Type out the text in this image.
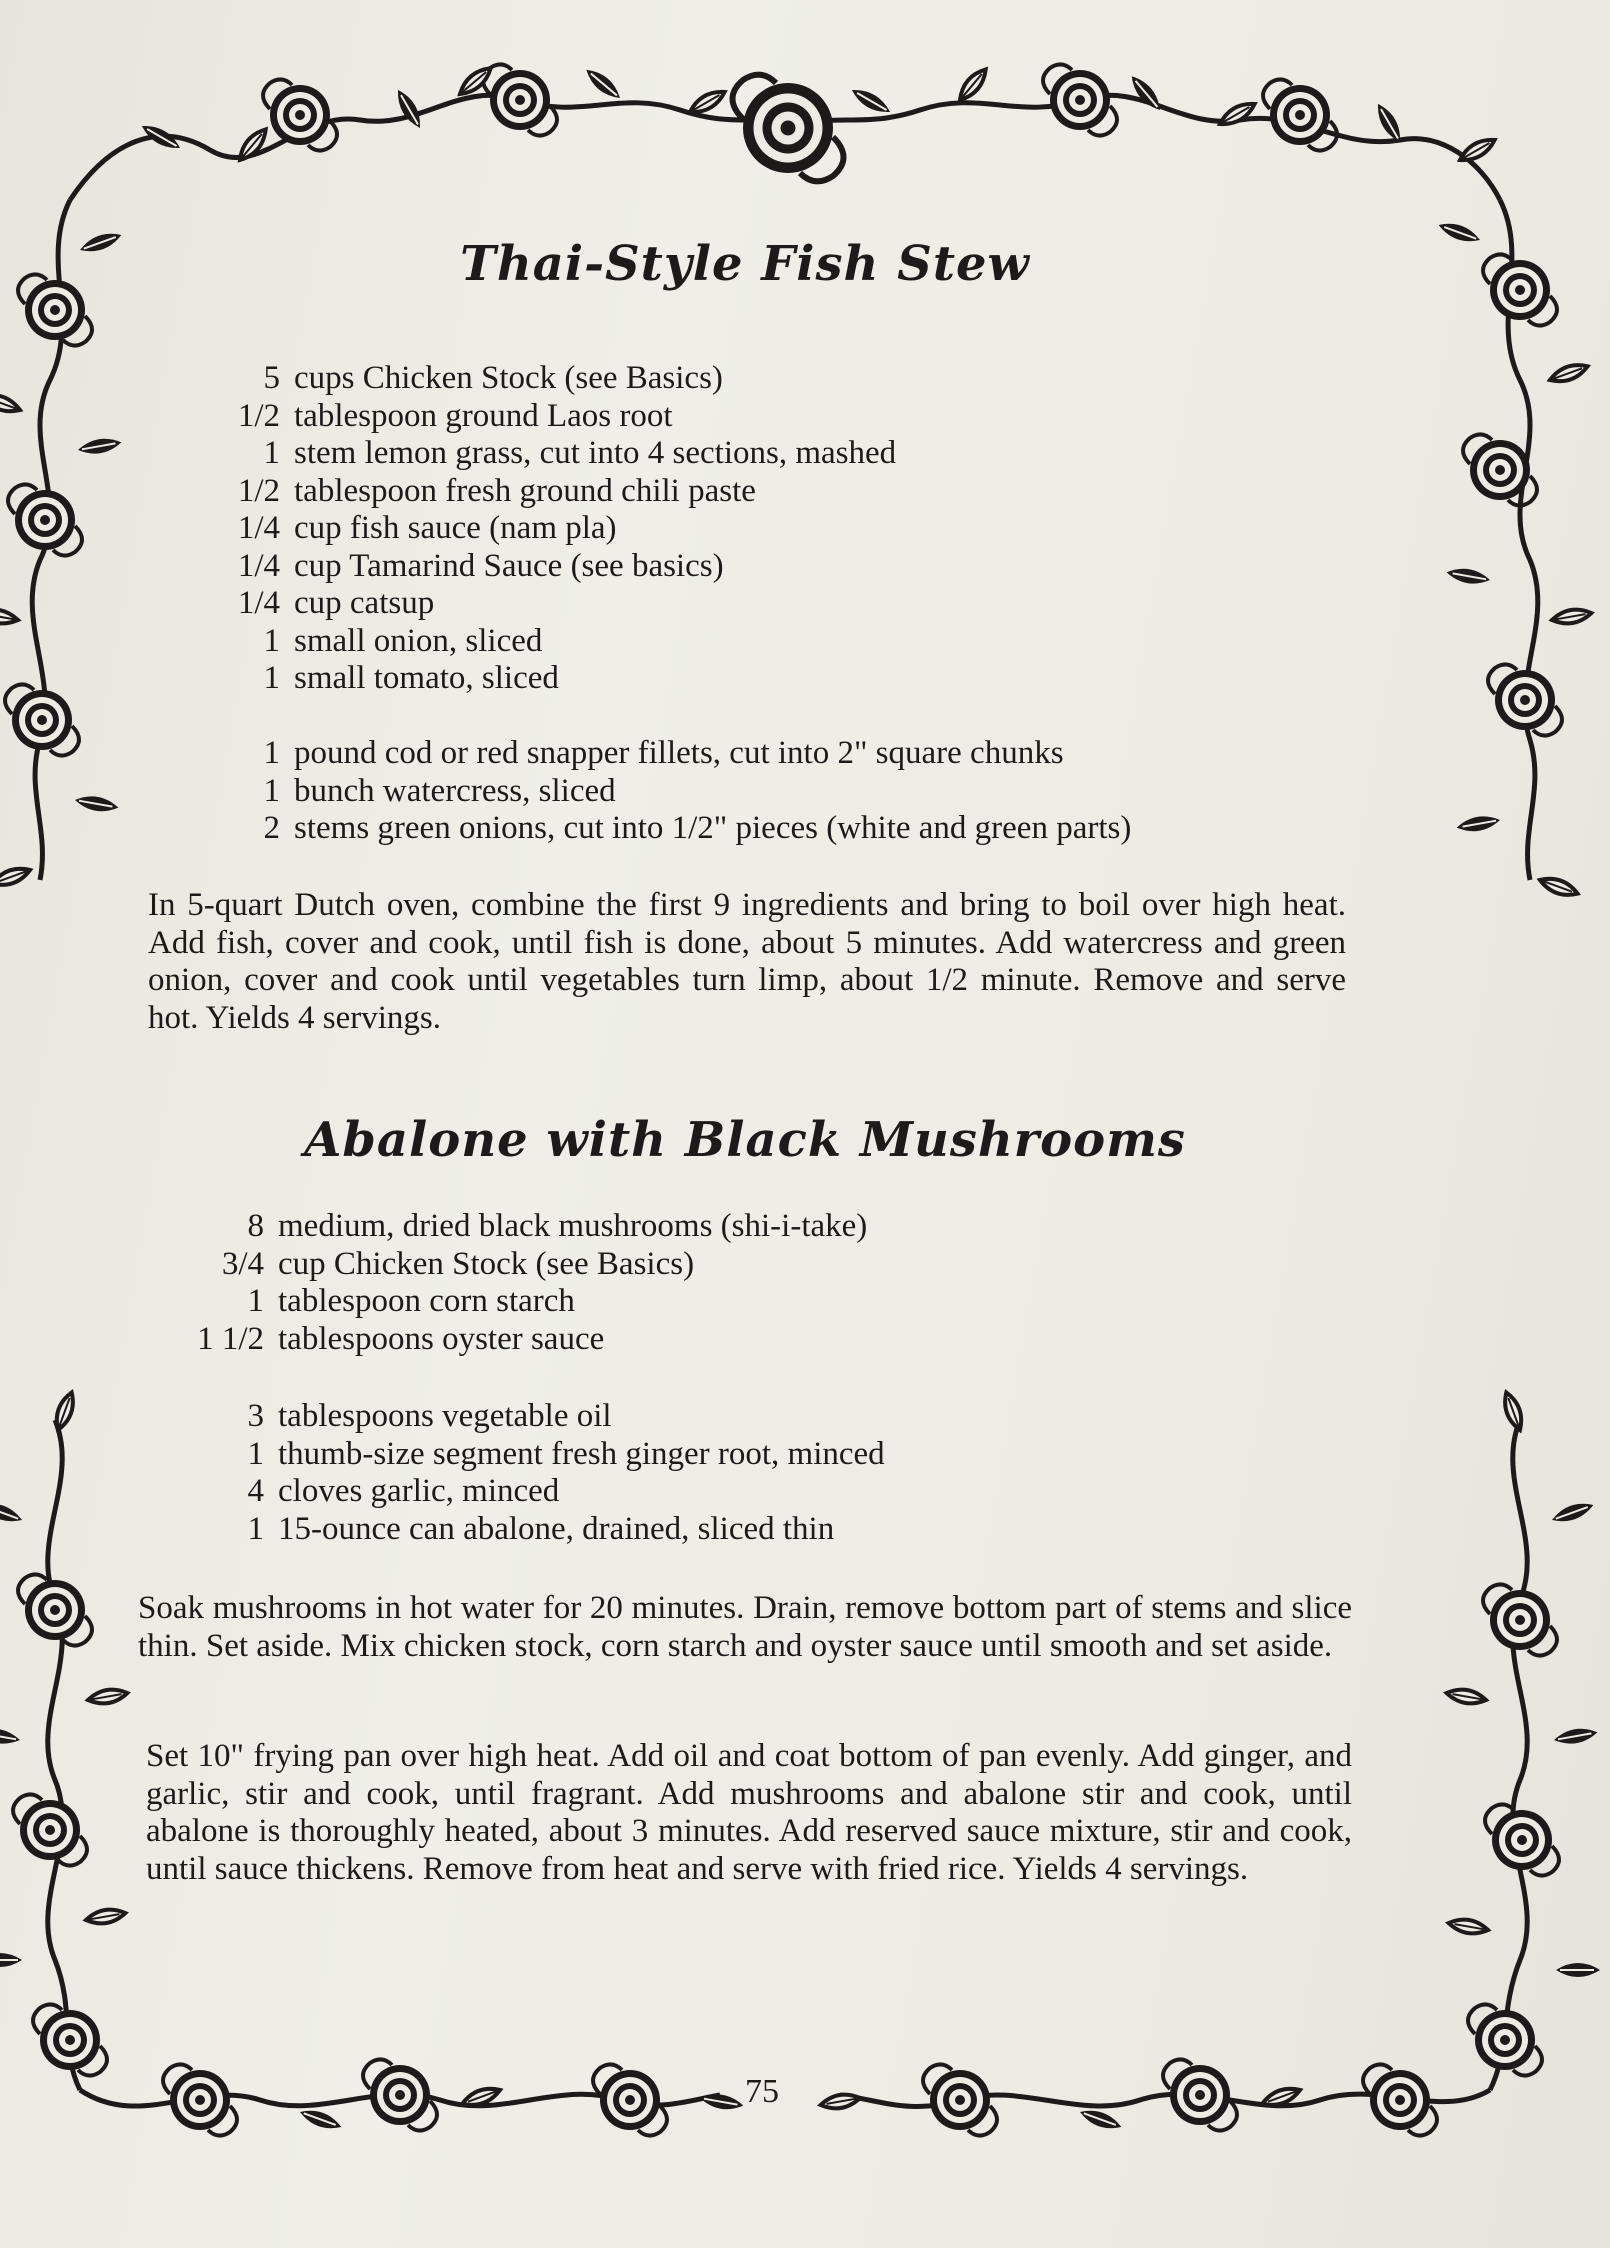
Thai-Style Fish Stew
5 cups Chicken Stock (see Basics)
1/2 tablespoon ground Laos root
1 stem lemon grass, cut into 4 sections, mashed
1/2 tablespoon fresh ground chili paste
1/4 cup fish sauce (nam pla)
1/4 cup Tamarind Sauce (see basics)
1/4 cup catsup
1 small onion, sliced
1 small tomato, sliced
1 pound cod or red snapper fillets, cut into 2" square chunks
1 bunch watercress, sliced
2 stems green onions, cut into 1/2" pieces (white and green parts)

In 5-quart Dutch oven, combine the first 9 ingredients and bring to boil over high heat. Add fish, cover and cook, until fish is done, about 5 minutes. Add watercress and green onion, cover and cook until vegetables turn limp, about 1/2 minute. Remove and serve hot. Yields 4 servings.

Abalone with Black Mushrooms
8 medium, dried black mushrooms (shi-i-take)
3/4 cup Chicken Stock (see Basics)
1 tablespoon corn starch
1 1/2 tablespoons oyster sauce
3 tablespoons vegetable oil
1 thumb-size segment fresh ginger root, minced
4 cloves garlic, minced
1 15-ounce can abalone, drained, sliced thin

Soak mushrooms in hot water for 20 minutes. Drain, remove bottom part of stems and slice thin. Set aside. Mix chicken stock, corn starch and oyster sauce until smooth and set aside.

Set 10" frying pan over high heat. Add oil and coat bottom of pan evenly. Add ginger, and garlic, stir and cook, until fragrant. Add mushrooms and abalone stir and cook, until abalone is thoroughly heated, about 3 minutes. Add reserved sauce mixture, stir and cook, until sauce thickens. Remove from heat and serve with fried rice. Yields 4 servings.

75
